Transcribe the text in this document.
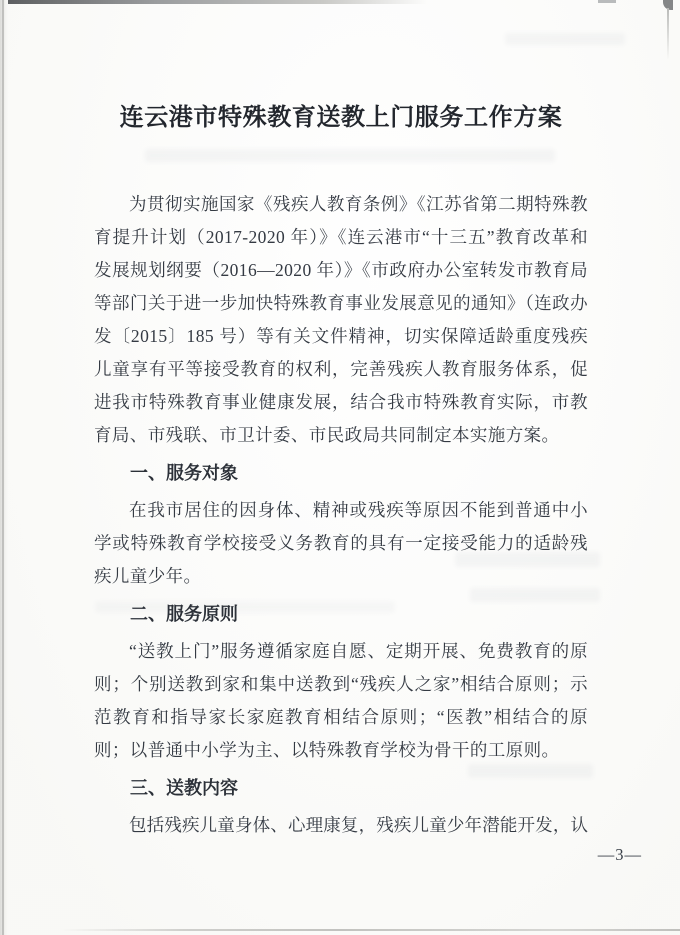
连云港市特殊教育送教上门服务工作方案

为贯彻实施国家《残疾人教育条例》《江苏省第二期特殊教育提升计划（2017-2020 年）》《连云港市“十三五”教育改革和发展规划纲要（2016—2020 年）》《市政府办公室转发市教育局等部门关于进一步加快特殊教育事业发展意见的通知》（连政办发〔2015〕185 号）等有关文件精神，切实保障适龄重度残疾儿童享有平等接受教育的权利，完善残疾人教育服务体系，促进我市特殊教育事业健康发展，结合我市特殊教育实际，市教育局、市残联、市卫计委、市民政局共同制定本实施方案。

一、服务对象

在我市居住的因身体、精神或残疾等原因不能到普通中小学或特殊教育学校接受义务教育的具有一定接受能力的适龄残疾儿童少年。

二、服务原则

“送教上门”服务遵循家庭自愿、定期开展、免费教育的原则；个别送教到家和集中送教到“残疾人之家”相结合原则；示范教育和指导家长家庭教育相结合原则；“医教”相结合的原则；以普通中小学为主、以特殊教育学校为骨干的工原则。

三、送教内容

包括残疾儿童身体、心理康复，残疾儿童少年潜能开发，认

—3—
